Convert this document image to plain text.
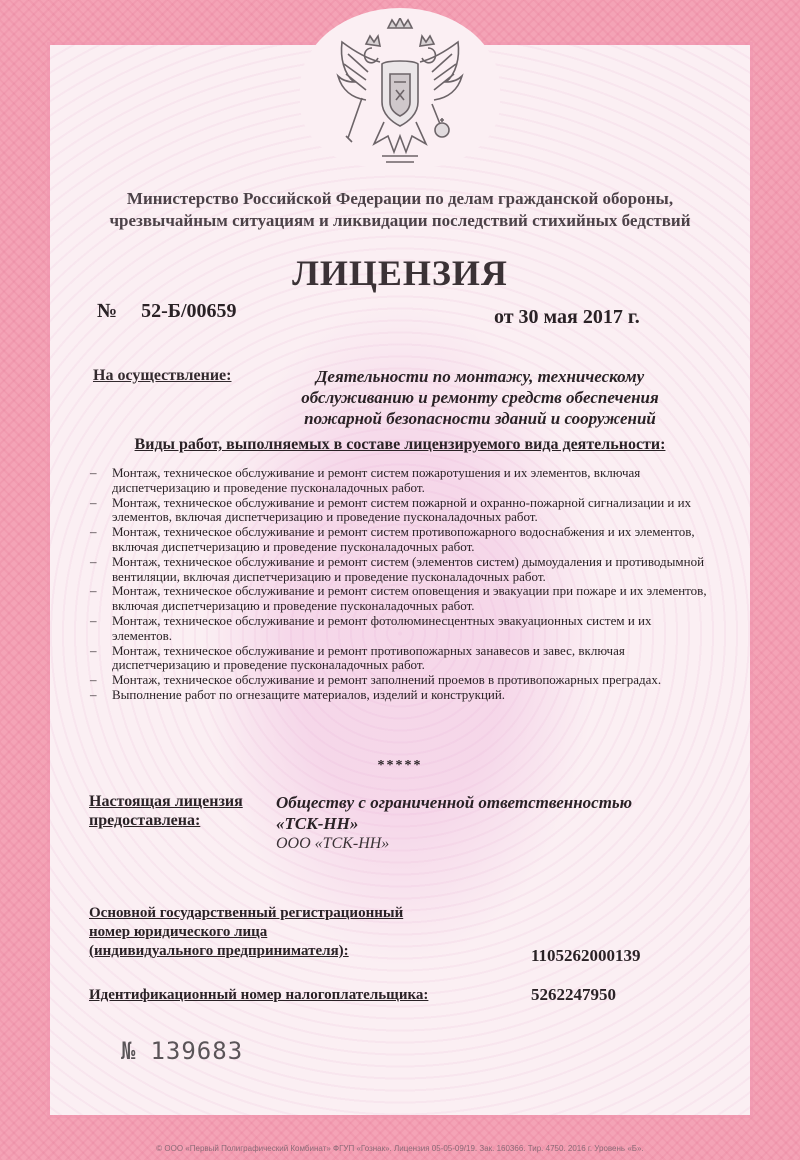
Министерство Российской Федерации по делам гражданской обороны,
чрезвычайным ситуациям и ликвидации последствий стихийных бедствий
ЛИЦЕНЗИЯ
№ 52-Б/00659	от 30 мая 2017 г.
На осуществление:	Деятельности по монтажу, техническому обслуживанию и ремонту средств обеспечения пожарной безопасности зданий и сооружений
Виды работ, выполняемых в составе лицензируемого вида деятельности:
– Монтаж, техническое обслуживание и ремонт систем пожаротушения и их элементов, включая диспетчеризацию и проведение пусконаладочных работ.
– Монтаж, техническое обслуживание и ремонт систем пожарной и охранно-пожарной сигнализации и их элементов, включая диспетчеризацию и проведение пусконаладочных работ.
– Монтаж, техническое обслуживание и ремонт систем противопожарного водоснабжения и их элементов, включая диспетчеризацию и проведение пусконаладочных работ.
– Монтаж, техническое обслуживание и ремонт систем (элементов систем) дымоудаления и противодымной вентиляции, включая диспетчеризацию и проведение пусконаладочных работ.
– Монтаж, техническое обслуживание и ремонт систем оповещения и эвакуации при пожаре и их элементов, включая диспетчеризацию и проведение пусконаладочных работ.
– Монтаж, техническое обслуживание и ремонт фотолюминесцентных эвакуационных систем и их элементов.
– Монтаж, техническое обслуживание и ремонт противопожарных занавесов и завес, включая диспетчеризацию и проведение пусконаладочных работ.
– Монтаж, техническое обслуживание и ремонт заполнений проемов в противопожарных преградах.
– Выполнение работ по огнезащите материалов, изделий и конструкций.
*****
Настоящая лицензия
предоставлена:
Обществу с ограниченной ответственностью
«ТСК-НН»
ООО «ТСК-НН»
Основной государственный регистрационный
номер юридического лица
(индивидуального предпринимателя):	1105262000139
Идентификационный номер налогоплательщика:	5262247950
№ 139683
© ООО «Первый Полиграфический Комбинат» ФГУП «Гознак». Лицензия 05-05-09/19. Зак. 160366. Тир. 4750. 2016 г. Уровень «Б».
